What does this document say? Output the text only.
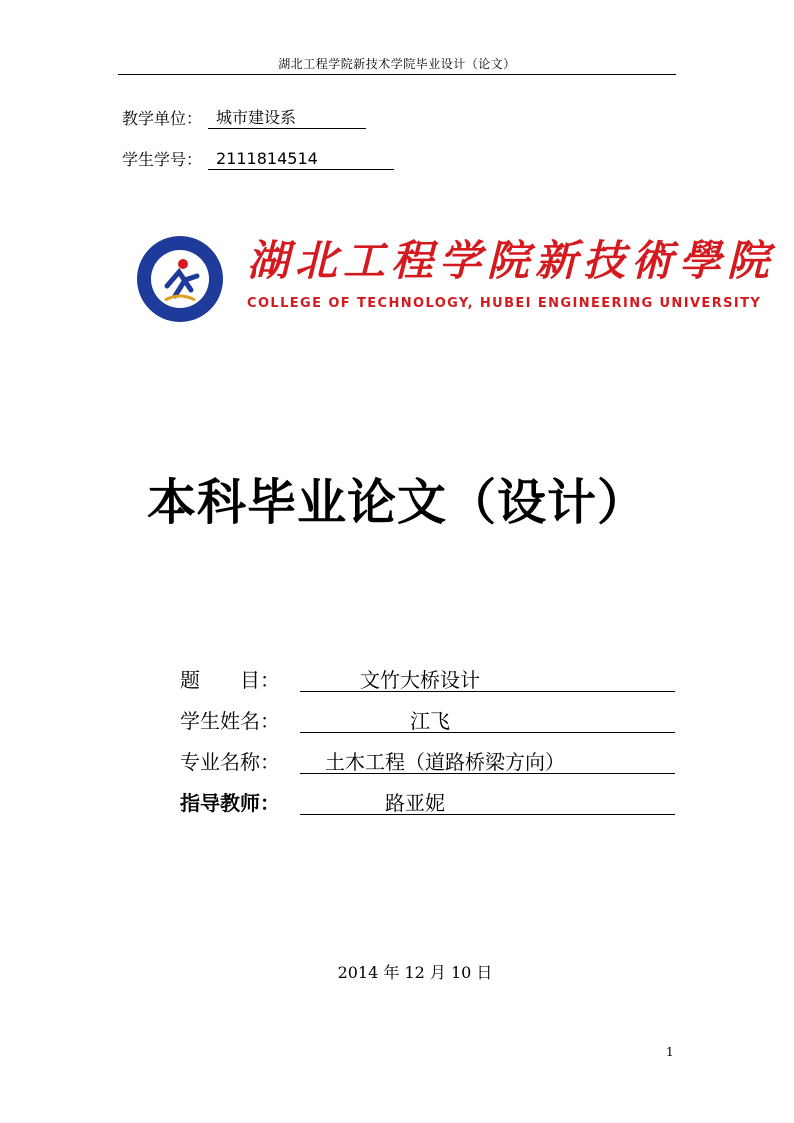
湖北工程学院新技术学院毕业设计（论文）
教学单位： 城市建设系
学生学号： 2111814514
湖北工程学院新技術學院
COLLEGE OF TECHNOLOGY, HUBEI ENGINEERING UNIVERSITY
本科毕业论文（设计）
题　　目：	文竹大桥设计
学生姓名：	江飞
专业名称： 土木工程（道路桥梁方向）
指导教师：	路亚妮
2014 年 12 月 10 日
1
